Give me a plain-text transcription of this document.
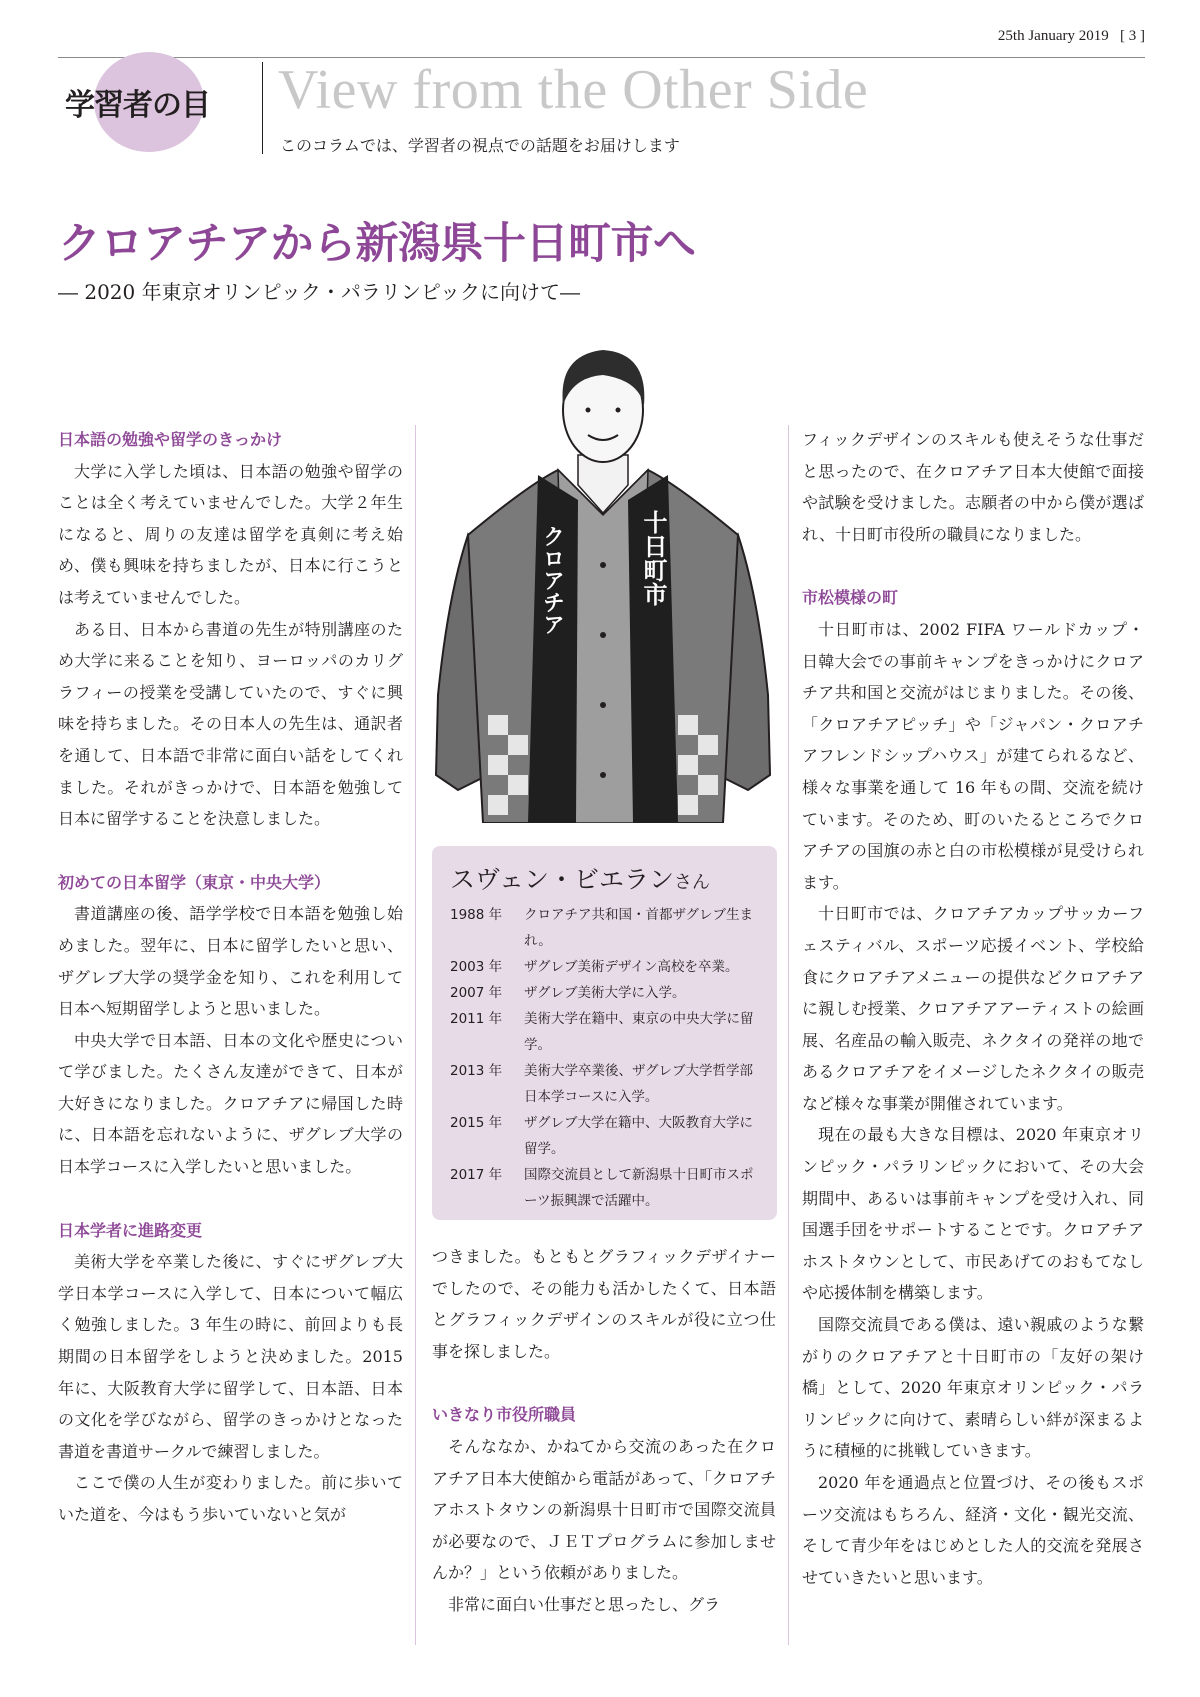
25th January 2019 [ 3 ]
学習者の目 View from the Other Side
このコラムでは、学習者の視点での話題をお届けします
クロアチアから新潟県十日町市へ
― 2020 年東京オリンピック・パラリンピックに向けて―
日本語の勉強や留学のきっかけ

大学に入学した頃は、日本語の勉強や留学のことは全く考えていませんでした。大学２年生になると、周りの友達は留学を真剣に考え始め、僕も興味を持ちましたが、日本に行こうとは考えていませんでした。

ある日、日本から書道の先生が特別講座のため大学に来ることを知り、ヨーロッパのカリグラフィーの授業を受講していたので、すぐに興味を持ちました。その日本人の先生は、通訳者を通して、日本語で非常に面白い話をしてくれました。それがきっかけで、日本語を勉強して日本に留学することを決意しました。

初めての日本留学（東京・中央大学）

書道講座の後、語学学校で日本語を勉強し始めました。翌年に、日本に留学したいと思い、ザグレブ大学の奨学金を知り、これを利用して日本へ短期留学しようと思いました。

中央大学で日本語、日本の文化や歴史について学びました。たくさん友達ができて、日本が大好きになりました。クロアチアに帰国した時に、日本語を忘れないように、ザグレブ大学の日本学コースに入学したいと思いました。

日本学者に進路変更

美術大学を卒業した後に、すぐにザグレブ大学日本学コースに入学して、日本について幅広く勉強しました。3 年生の時に、前回よりも長期間の日本留学をしようと決めました。2015 年に、大阪教育大学に留学して、日本語、日本の文化を学びながら、留学のきっかけとなった書道を書道サークルで練習しました。

ここで僕の人生が変わりました。前に歩いていた道を、今はもう歩いていないと気が

クロアチア	十日町市
スヴェン・ビエランさん
1988 年	クロアチア共和国・首都ザグレブ生まれ。
2003 年	ザグレブ美術デザイン高校を卒業。
2007 年	ザグレブ美術大学に入学。
2011 年	美術大学在籍中、東京の中央大学に留学。
2013 年	美術大学卒業後、ザグレブ大学哲学部日本学コースに入学。
2015 年	ザグレブ大学在籍中、大阪教育大学に留学。
2017 年	国際交流員として新潟県十日町市スポーツ振興課で活躍中。

つきました。もともとグラフィックデザイナーでしたので、その能力も活かしたくて、日本語とグラフィックデザインのスキルが役に立つ仕事を探しました。

いきなり市役所職員

そんななか、かねてから交流のあった在クロアチア日本大使館から電話があって、「クロアチアホストタウンの新潟県十日町市で国際交流員が必要なので、ＪＥＴプログラムに参加しませんか？」という依頼がありました。

非常に面白い仕事だと思ったし、グラ

フィックデザインのスキルも使えそうな仕事だと思ったので、在クロアチア日本大使館で面接や試験を受けました。志願者の中から僕が選ばれ、十日町市役所の職員になりました。

市松模様の町

十日町市は、2002 FIFA ワールドカップ・日韓大会での事前キャンプをきっかけにクロアチア共和国と交流がはじまりました。その後、「クロアチアピッチ」や「ジャパン・クロアチアフレンドシップハウス」が建てられるなど、様々な事業を通して 16 年もの間、交流を続けています。そのため、町のいたるところでクロアチアの国旗の赤と白の市松模様が見受けられます。

十日町市では、クロアチアカップサッカーフェスティバル、スポーツ応援イベント、学校給食にクロアチアメニューの提供などクロアチアに親しむ授業、クロアチアアーティストの絵画展、名産品の輸入販売、ネクタイの発祥の地であるクロアチアをイメージしたネクタイの販売など様々な事業が開催されています。

現在の最も大きな目標は、2020 年東京オリンピック・パラリンピックにおいて、その大会期間中、あるいは事前キャンプを受け入れ、同国選手団をサポートすることです。クロアチアホストタウンとして、市民あげてのおもてなしや応援体制を構築します。

国際交流員である僕は、遠い親戚のような繋がりのクロアチアと十日町市の「友好の架け橋」として、2020 年東京オリンピック・パラリンピックに向けて、素晴らしい絆が深まるように積極的に挑戦していきます。

2020 年を通過点と位置づけ、その後もスポーツ交流はもちろん、経済・文化・観光交流、そして青少年をはじめとした人的交流を発展させていきたいと思います。
